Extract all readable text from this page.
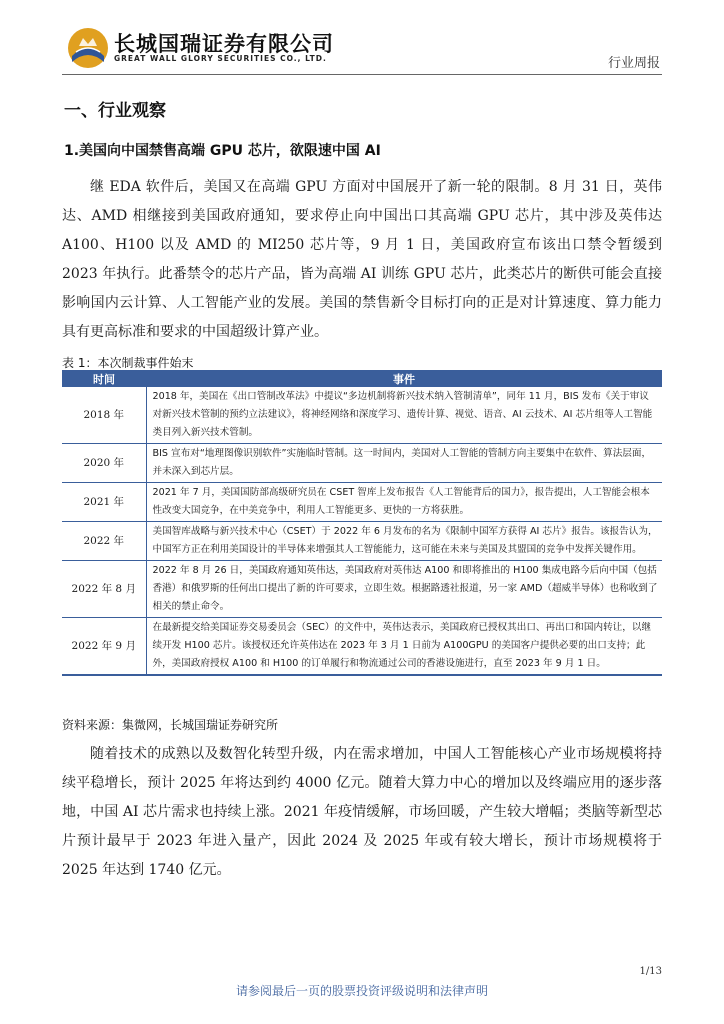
长城国瑞证券有限公司
GREAT WALL GLORY SECURITIES CO., LTD.	行业周报
一、行业观察
1.美国向中国禁售高端 GPU 芯片，欲限速中国 AI

继 EDA 软件后，美国又在高端 GPU 方面对中国展开了新一轮的限制。8 月 31 日，英伟达、AMD 相继接到美国政府通知，要求停止向中国出口其高端 GPU 芯片，其中涉及英伟达 A100、H100 以及 AMD 的 MI250 芯片等，9 月 1 日，美国政府宣布该出口禁令暂缓到 2023 年执行。此番禁令的芯片产品，皆为高端 AI 训练 GPU 芯片，此类芯片的断供可能会直接影响国内云计算、人工智能产业的发展。美国的禁售新令目标打向的正是对计算速度、算力能力具有更高标准和要求的中国超级计算产业。

表 1：本次制裁事件始末
时间	事件
2018 年	2018 年，美国在《出口管制改革法》中提议“多边机制将新兴技术纳入管制清单”，同年 11 月，BIS 发布《关于审议对新兴技术管制的预约立法建议》，将神经网络和深度学习、遗传计算、视觉、语音、AI 云技术、AI 芯片组等人工智能类目列入新兴技术管制。
2020 年	BIS 宣布对“地理图像识别软件”实施临时管制。这一时间内，美国对人工智能的管制方向主要集中在软件、算法层面，并未深入到芯片层。
2021 年	2021 年 7 月，美国国防部高级研究员在 CSET 智库上发布报告《人工智能背后的国力》，报告提出，人工智能会根本性改变大国竞争，在中美竞争中，利用人工智能更多、更快的一方将获胜。
2022 年	美国智库战略与新兴技术中心（CSET）于 2022 年 6 月发布的名为《限制中国军方获得 AI 芯片》报告。该报告认为，中国军方正在利用美国设计的半导体来增强其人工智能能力，这可能在未来与美国及其盟国的竞争中发挥关键作用。
2022 年 8 月	2022 年 8 月 26 日，美国政府通知英伟达，美国政府对英伟达 A100 和即将推出的 H100 集成电路今后向中国（包括香港）和俄罗斯的任何出口提出了新的许可要求，立即生效。根据路透社报道，另一家 AMD（超威半导体）也称收到了相关的禁止命令。
2022 年 9 月	在最新提交给美国证券交易委员会（SEC）的文件中，英伟达表示，美国政府已授权其出口、再出口和国内转让，以继续开发 H100 芯片。该授权还允许英伟达在 2023 年 3 月 1 日前为 A100GPU 的美国客户提供必要的出口支持；此外，美国政府授权 A100 和 H100 的订单履行和物流通过公司的香港设施进行，直至 2023 年 9 月 1 日。
资料来源：集微网，长城国瑞证券研究所

随着技术的成熟以及数智化转型升级，内在需求增加，中国人工智能核心产业市场规模将持续平稳增长，预计 2025 年将达到约 4000 亿元。随着大算力中心的增加以及终端应用的逐步落地，中国 AI 芯片需求也持续上涨。2021 年疫情缓解，市场回暖，产生较大增幅；类脑等新型芯片预计最早于 2023 年进入量产，因此 2024 及 2025 年或有较大增长，预计市场规模将于 2025 年达到 1740 亿元。

1/13
请参阅最后一页的股票投资评级说明和法律声明
